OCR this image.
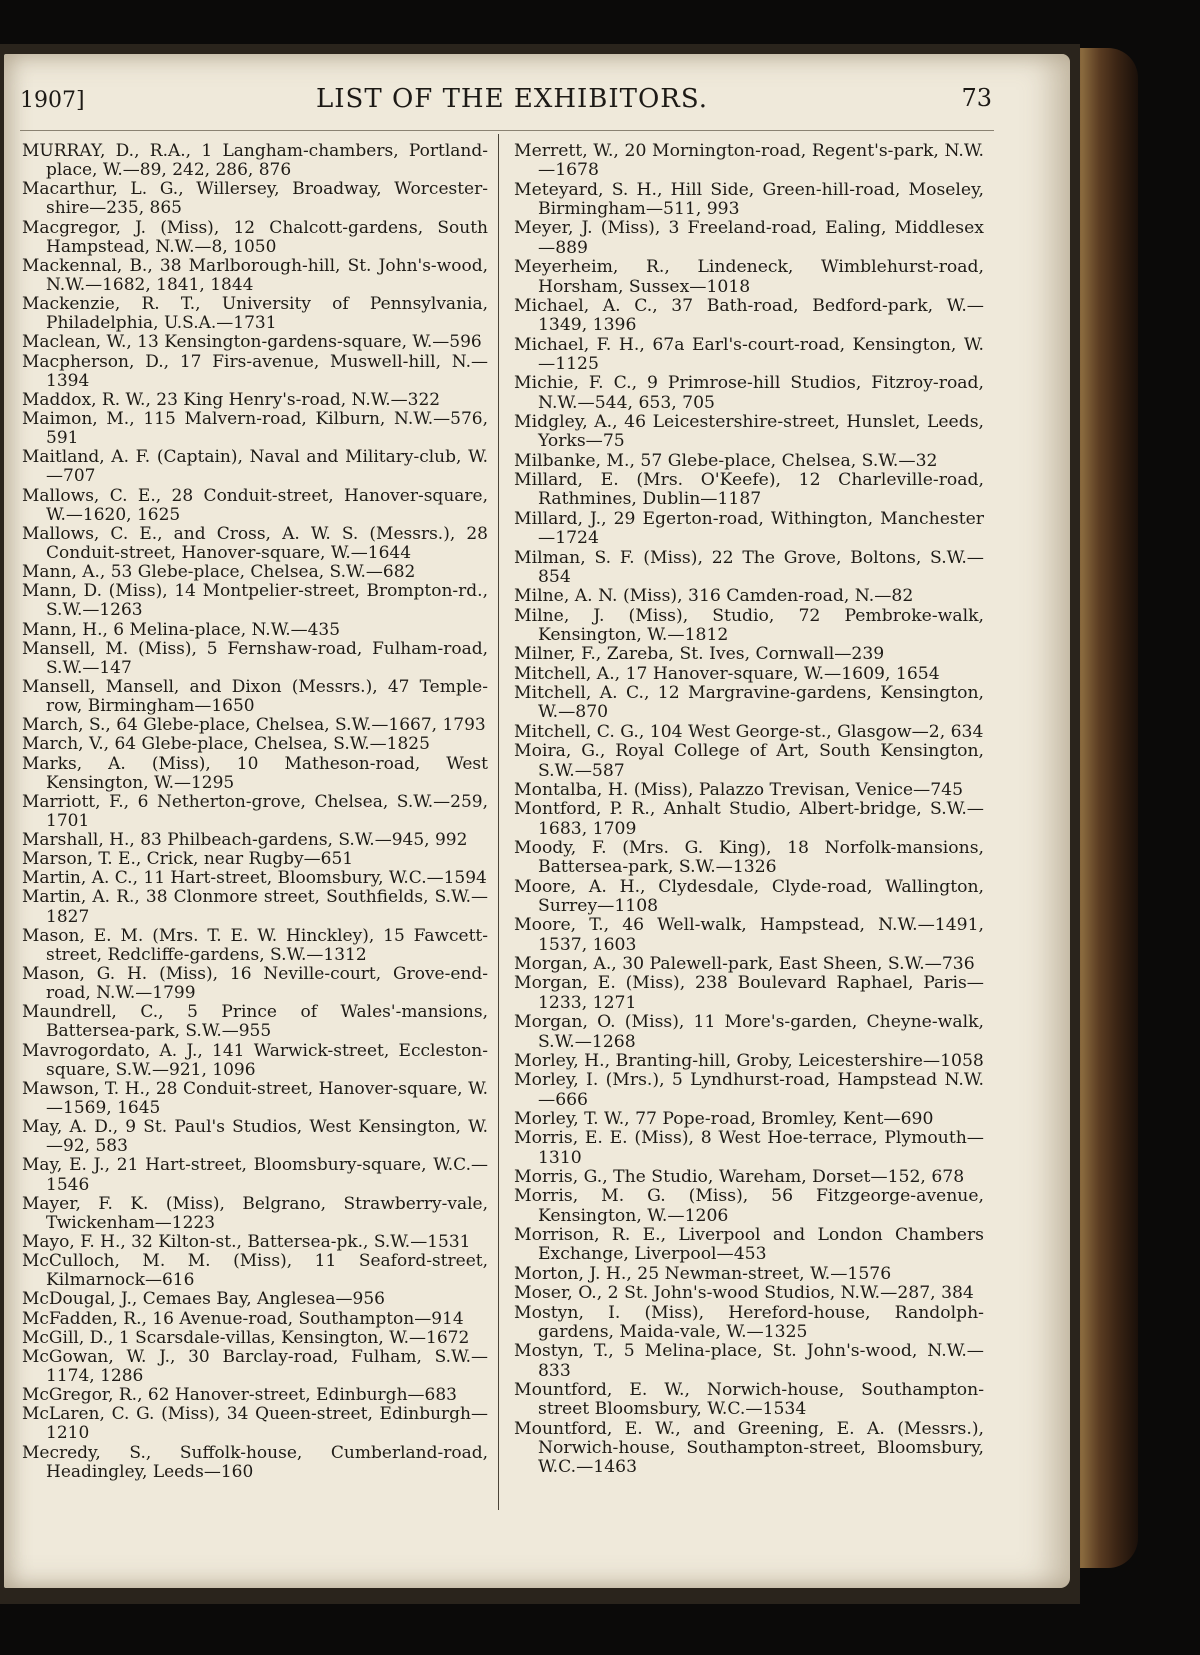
1907]	LIST OF THE EXHIBITORS.	73
MURRAY, D., R.A., 1 Langham-chambers, Portland-place, W.—89, 242, 286, 876
Macarthur, L. G., Willersey, Broadway, Worcester-shire—235, 865
Macgregor, J. (Miss), 12 Chalcott-gardens, South Hampstead, N.W.—8, 1050
Mackennal, B., 38 Marlborough-hill, St. John's-wood, N.W.—1682, 1841, 1844
Mackenzie, R. T., University of Pennsylvania, Philadelphia, U.S.A.—1731
Maclean, W., 13 Kensington-gardens-square, W.—596
Macpherson, D., 17 Firs-avenue, Muswell-hill, N.—1394
Maddox, R. W., 23 King Henry's-road, N.W.—322
Maimon, M., 115 Malvern-road, Kilburn, N.W.—576, 591
Maitland, A. F. (Captain), Naval and Military-club, W.—707
Mallows, C. E., 28 Conduit-street, Hanover-square, W.—1620, 1625
Mallows, C. E., and Cross, A. W. S. (Messrs.), 28 Conduit-street, Hanover-square, W.—1644
Mann, A., 53 Glebe-place, Chelsea, S.W.—682
Mann, D. (Miss), 14 Montpelier-street, Brompton-rd., S.W.—1263
Mann, H., 6 Melina-place, N.W.—435
Mansell, M. (Miss), 5 Fernshaw-road, Fulham-road, S.W.—147
Mansell, Mansell, and Dixon (Messrs.), 47 Temple-row, Birmingham—1650
March, S., 64 Glebe-place, Chelsea, S.W.—1667, 1793
March, V., 64 Glebe-place, Chelsea, S.W.—1825
Marks, A. (Miss), 10 Matheson-road, West Kensington, W.—1295
Marriott, F., 6 Netherton-grove, Chelsea, S.W.—259, 1701
Marshall, H., 83 Philbeach-gardens, S.W.—945, 992
Marson, T. E., Crick, near Rugby—651
Martin, A. C., 11 Hart-street, Bloomsbury, W.C.—1594
Martin, A. R., 38 Clonmore street, Southfields, S.W.—1827
Mason, E. M. (Mrs. T. E. W. Hinckley), 15 Fawcett-street, Redcliffe-gardens, S.W.—1312
Mason, G. H. (Miss), 16 Neville-court, Grove-end-road, N.W.—1799
Maundrell, C., 5 Prince of Wales'-mansions, Battersea-park, S.W.—955
Mavrogordato, A. J., 141 Warwick-street, Eccleston-square, S.W.—921, 1096
Mawson, T. H., 28 Conduit-street, Hanover-square, W.—1569, 1645
May, A. D., 9 St. Paul's Studios, West Kensington, W.—92, 583
May, E. J., 21 Hart-street, Bloomsbury-square, W.C.—1546
Mayer, F. K. (Miss), Belgrano, Strawberry-vale, Twickenham—1223
Mayo, F. H., 32 Kilton-st., Battersea-pk., S.W.—1531
McCulloch, M. M. (Miss), 11 Seaford-street, Kilmarnock—616
McDougal, J., Cemaes Bay, Anglesea—956
McFadden, R., 16 Avenue-road, Southampton—914
McGill, D., 1 Scarsdale-villas, Kensington, W.—1672
McGowan, W. J., 30 Barclay-road, Fulham, S.W.—1174, 1286
McGregor, R., 62 Hanover-street, Edinburgh—683
McLaren, C. G. (Miss), 34 Queen-street, Edinburgh—1210
Mecredy, S., Suffolk-house, Cumberland-road, Headingley, Leeds—160
Merrett, W., 20 Mornington-road, Regent's-park, N.W.—1678
Meteyard, S. H., Hill Side, Green-hill-road, Moseley, Birmingham—511, 993
Meyer, J. (Miss), 3 Freeland-road, Ealing, Middlesex—889
Meyerheim, R., Lindeneck, Wimblehurst-road, Horsham, Sussex—1018
Michael, A. C., 37 Bath-road, Bedford-park, W.—1349, 1396
Michael, F. H., 67a Earl's-court-road, Kensington, W.—1125
Michie, F. C., 9 Primrose-hill Studios, Fitzroy-road, N.W.—544, 653, 705
Midgley, A., 46 Leicestershire-street, Hunslet, Leeds, Yorks—75
Milbanke, M., 57 Glebe-place, Chelsea, S.W.—32
Millard, E. (Mrs. O'Keefe), 12 Charleville-road, Rathmines, Dublin—1187
Millard, J., 29 Egerton-road, Withington, Manchester—1724
Milman, S. F. (Miss), 22 The Grove, Boltons, S.W.—854
Milne, A. N. (Miss), 316 Camden-road, N.—82
Milne, J. (Miss), Studio, 72 Pembroke-walk, Kensington, W.—1812
Milner, F., Zareba, St. Ives, Cornwall—239
Mitchell, A., 17 Hanover-square, W.—1609, 1654
Mitchell, A. C., 12 Margravine-gardens, Kensington, W.—870
Mitchell, C. G., 104 West George-st., Glasgow—2, 634
Moira, G., Royal College of Art, South Kensington, S.W.—587
Montalba, H. (Miss), Palazzo Trevisan, Venice—745
Montford, P. R., Anhalt Studio, Albert-bridge, S.W.—1683, 1709
Moody, F. (Mrs. G. King), 18 Norfolk-mansions, Battersea-park, S.W.—1326
Moore, A. H., Clydesdale, Clyde-road, Wallington, Surrey—1108
Moore, T., 46 Well-walk, Hampstead, N.W.—1491, 1537, 1603
Morgan, A., 30 Palewell-park, East Sheen, S.W.—736
Morgan, E. (Miss), 238 Boulevard Raphael, Paris—1233, 1271
Morgan, O. (Miss), 11 More's-garden, Cheyne-walk, S.W.—1268
Morley, H., Branting-hill, Groby, Leicestershire—1058
Morley, I. (Mrs.), 5 Lyndhurst-road, Hampstead N.W.—666
Morley, T. W., 77 Pope-road, Bromley, Kent—690
Morris, E. E. (Miss), 8 West Hoe-terrace, Plymouth—1310
Morris, G., The Studio, Wareham, Dorset—152, 678
Morris, M. G. (Miss), 56 Fitzgeorge-avenue, Kensington, W.—1206
Morrison, R. E., Liverpool and London Chambers Exchange, Liverpool—453
Morton, J. H., 25 Newman-street, W.—1576
Moser, O., 2 St. John's-wood Studios, N.W.—287, 384
Mostyn, I. (Miss), Hereford-house, Randolph-gardens, Maida-vale, W.—1325
Mostyn, T., 5 Melina-place, St. John's-wood, N.W.—833
Mountford, E. W., Norwich-house, Southampton-street Bloomsbury, W.C.—1534
Mountford, E. W., and Greening, E. A. (Messrs.), Norwich-house, Southampton-street, Bloomsbury, W.C.—1463
